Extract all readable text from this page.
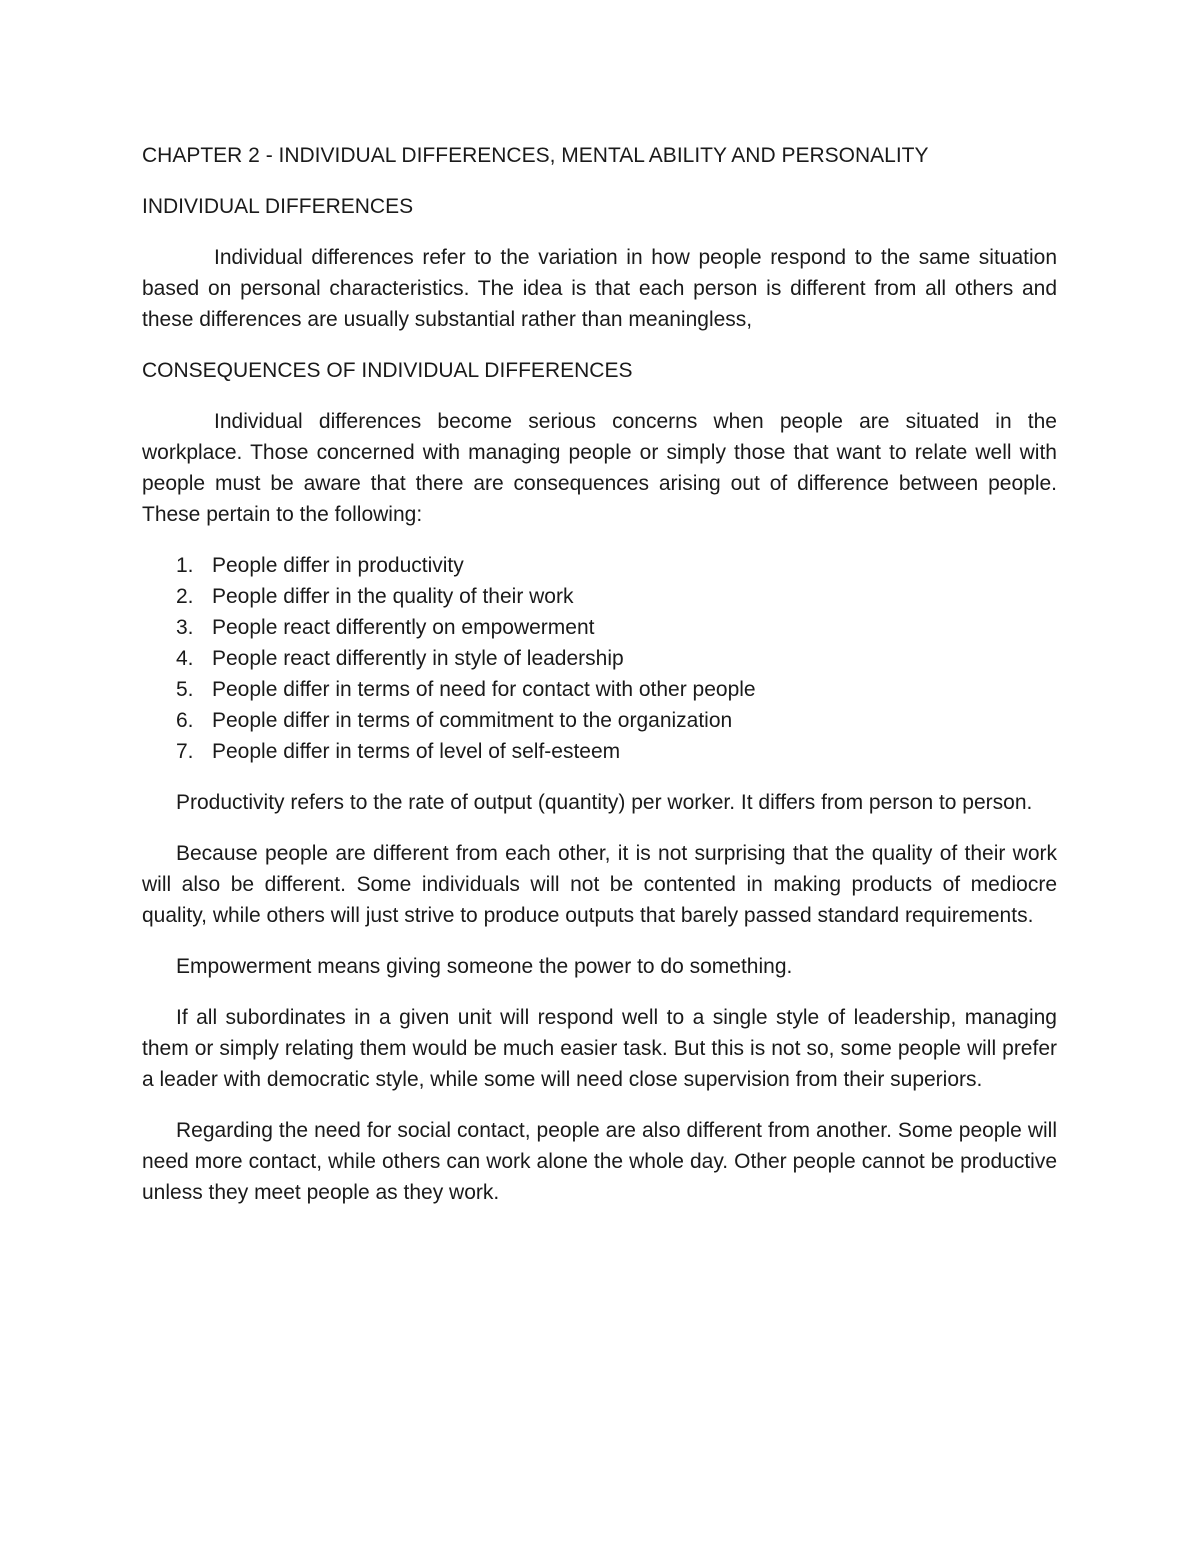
CHAPTER 2 - INDIVIDUAL DIFFERENCES, MENTAL ABILITY AND PERSONALITY
INDIVIDUAL DIFFERENCES

Individual differences refer to the variation in how people respond to the same situation based on personal characteristics. The idea is that each person is different from all others and these differences are usually substantial rather than meaningless,

CONSEQUENCES OF INDIVIDUAL DIFFERENCES

Individual differences become serious concerns when people are situated in the workplace. Those concerned with managing people or simply those that want to relate well with people must be aware that there are consequences arising out of difference between people. These pertain to the following:

1. People differ in productivity
2. People differ in the quality of their work
3. People react differently on empowerment
4. People react differently in style of leadership
5. People differ in terms of need for contact with other people
6. People differ in terms of commitment to the organization
7. People differ in terms of level of self-esteem

Productivity refers to the rate of output (quantity) per worker. It differs from person to person.

Because people are different from each other, it is not surprising that the quality of their work will also be different. Some individuals will not be contented in making products of mediocre quality, while others will just strive to produce outputs that barely passed standard requirements.

Empowerment means giving someone the power to do something.

If all subordinates in a given unit will respond well to a single style of leadership, managing them or simply relating them would be much easier task. But this is not so, some people will prefer a leader with democratic style, while some will need close supervision from their superiors.

Regarding the need for social contact, people are also different from another. Some people will need more contact, while others can work alone the whole day. Other people cannot be productive unless they meet people as they work.
